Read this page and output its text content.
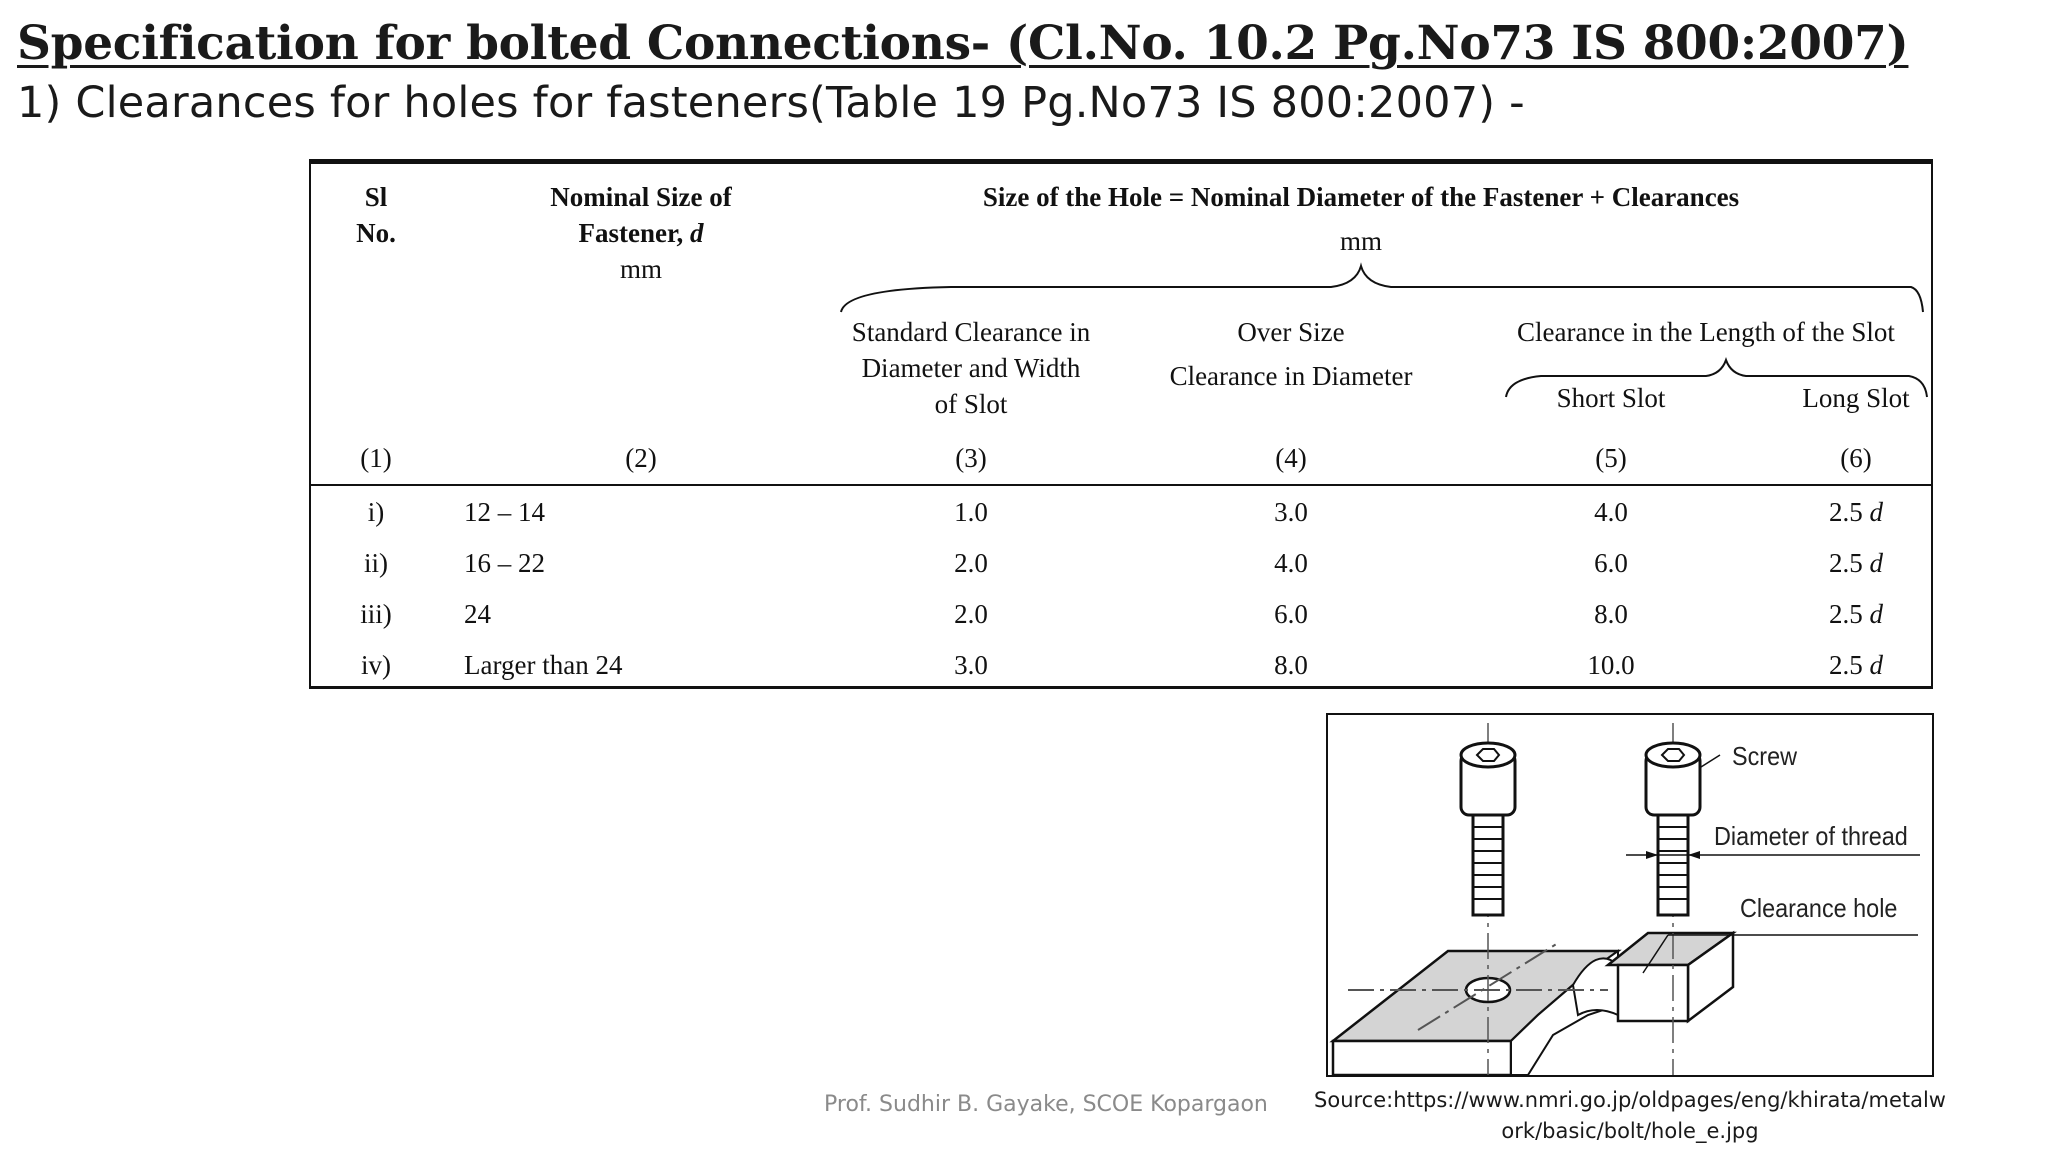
Specification for bolted Connections- (Cl.No. 10.2 Pg.No73 IS 800:2007)

1) Clearances for holes for fasteners(Table 19 Pg.No73 IS 800:2007) -

Sl
No.
Nominal Size of
Fastener, d
mm
Size of the Hole = Nominal Diameter of the Fastener + Clearances
mm
Standard Clearance in
Diameter and Width
of Slot
Over Size
Clearance in Diameter
Clearance in the Length of the Slot
Short Slot	Long Slot
(1)	(2)	(3)	(4)	(5)	(6)
i)	12 – 14	1.0	3.0	4.0	2.5 d
ii)	16 – 22	2.0	4.0	6.0	2.5 d
iii)	24	2.0	6.0	8.0	2.5 d
iv)	Larger than 24	3.0	8.0	10.0	2.5 d
Screw
Diameter of thread
Clearance hole
Prof. Sudhir B. Gayake, SCOE Kopargaon	Source:https://www.nmri.go.jp/oldpages/eng/khirata/metalw
ork/basic/bolt/hole_e.jpg
